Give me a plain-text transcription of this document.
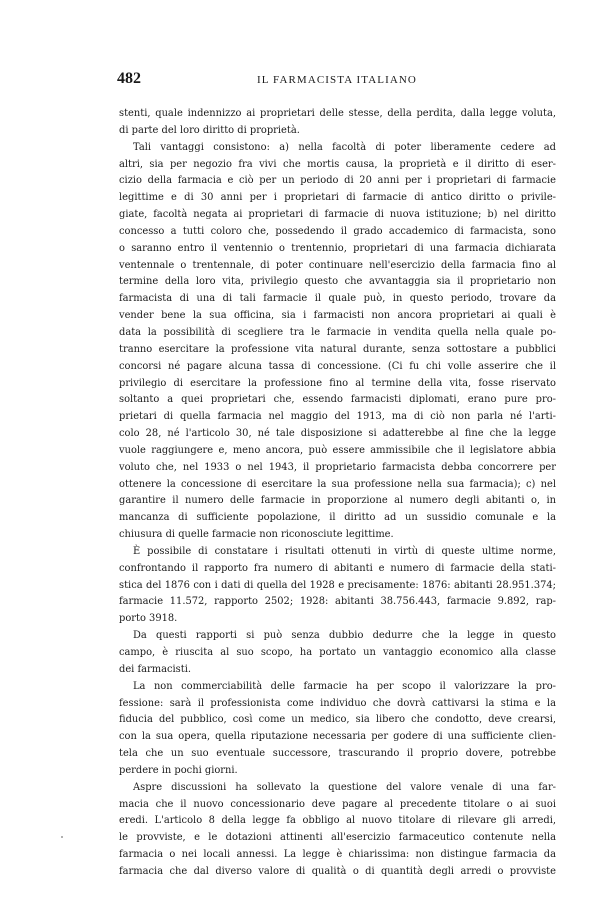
482	IL FARMACISTA ITALIANO
stenti, quale indennizzo ai proprietari delle stesse, della perdita, dalla legge voluta,
di parte del loro diritto di proprietà.
Tali vantaggi consistono: a) nella facoltà di poter liberamente cedere ad
altri, sia per negozio fra vivi che mortis causa, la proprietà e il diritto di eser-
cizio della farmacia e ciò per un periodo di 20 anni per i proprietari di farmacie
legittime e di 30 anni per i proprietari di farmacie di antico diritto o privile-
giate, facoltà negata ai proprietari di farmacie di nuova istituzione; b) nel diritto
concesso a tutti coloro che, possedendo il grado accademico di farmacista, sono
o saranno entro il ventennio o trentennio, proprietari di una farmacia dichiarata
ventennale o trentennale, di poter continuare nell'esercizio della farmacia fino al
termine della loro vita, privilegio questo che avvantaggia sia il proprietario non
farmacista di una di tali farmacie il quale può, in questo periodo, trovare da
vender bene la sua officina, sia i farmacisti non ancora proprietari ai quali è
data la possibilità di scegliere tra le farmacie in vendita quella nella quale po-
tranno esercitare la professione vita natural durante, senza sottostare a pubblici
concorsi né pagare alcuna tassa di concessione. (Ci fu chi volle asserire che il
privilegio di esercitare la professione fino al termine della vita, fosse riservato
soltanto a quei proprietari che, essendo farmacisti diplomati, erano pure pro-
prietari di quella farmacia nel maggio del 1913, ma di ciò non parla né l'arti-
colo 28, né l'articolo 30, né tale disposizione si adatterebbe al fine che la legge
vuole raggiungere e, meno ancora, può essere ammissibile che il legislatore abbia
voluto che, nel 1933 o nel 1943, il proprietario farmacista debba concorrere per
ottenere la concessione di esercitare la sua professione nella sua farmacia); c) nel
garantire il numero delle farmacie in proporzione al numero degli abitanti o, in
mancanza di sufficiente popolazione, il diritto ad un sussidio comunale e la
chiusura di quelle farmacie non riconosciute legittime.
È possibile di constatare i risultati ottenuti in virtù di queste ultime norme,
confrontando il rapporto fra numero di abitanti e numero di farmacie della stati-
stica del 1876 con i dati di quella del 1928 e precisamente: 1876: abitanti 28.951.374;
farmacie 11.572, rapporto 2502; 1928: abitanti 38.756.443, farmacie 9.892, rap-
porto 3918.
Da questi rapporti si può senza dubbio dedurre che la legge in questo
campo, è riuscita al suo scopo, ha portato un vantaggio economico alla classe
dei farmacisti.
La non commerciabilità delle farmacie ha per scopo il valorizzare la pro-
fessione: sarà il professionista come individuo che dovrà cattivarsi la stima e la
fiducia del pubblico, così come un medico, sia libero che condotto, deve crearsi,
con la sua opera, quella riputazione necessaria per godere di una sufficiente clien-
tela che un suo eventuale successore, trascurando il proprio dovere, potrebbe
perdere in pochi giorni.
Aspre discussioni ha sollevato la questione del valore venale di una far-
macia che il nuovo concessionario deve pagare al precedente titolare o ai suoi
eredi. L'articolo 8 della legge fa obbligo al nuovo titolare di rilevare gli arredi,
le provviste, e le dotazioni attinenti all'esercizio farmaceutico contenute nella
farmacia o nei locali annessi. La legge è chiarissima: non distingue farmacia da
farmacia che dal diverso valore di qualità o di quantità degli arredi o provviste
